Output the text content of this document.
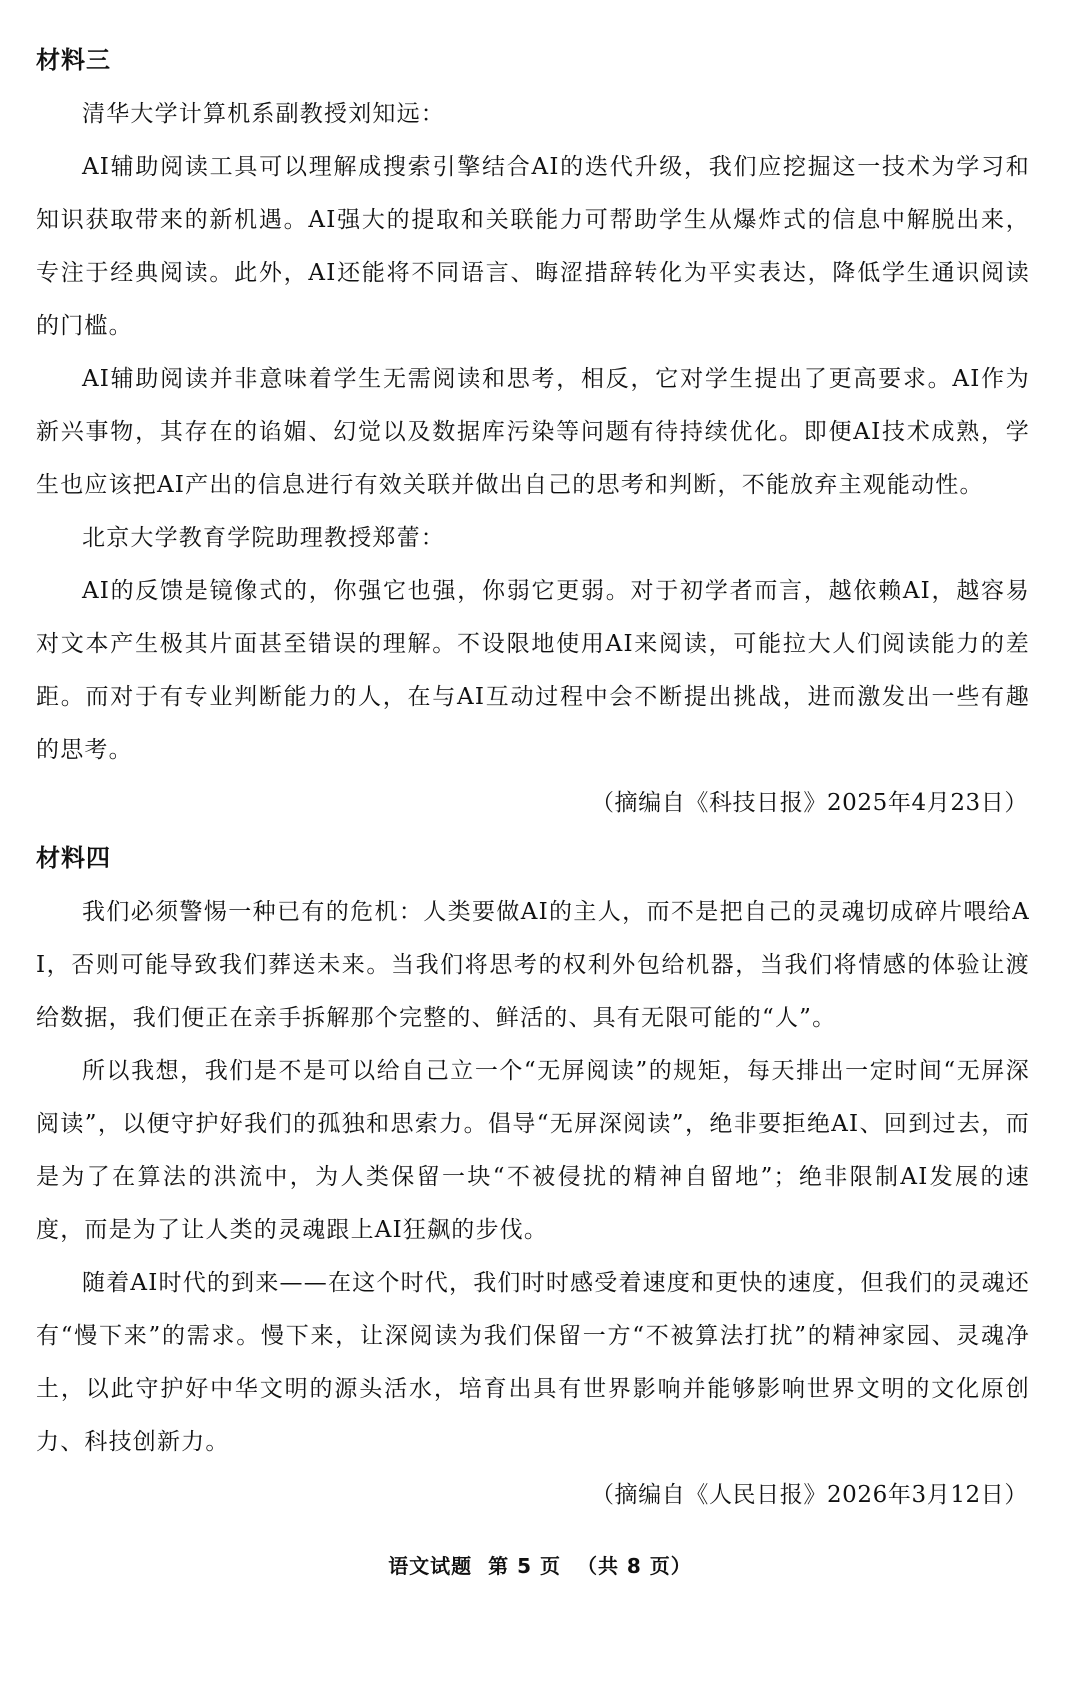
材料三

清华大学计算机系副教授刘知远：

AI辅助阅读工具可以理解成搜索引擎结合AI的迭代升级，我们应挖掘这一技术为学习和知识获取带来的新机遇。AI强大的提取和关联能力可帮助学生从爆炸式的信息中解脱出来，专注于经典阅读。此外，AI还能将不同语言、晦涩措辞转化为平实表达，降低学生通识阅读的门槛。

AI辅助阅读并非意味着学生无需阅读和思考，相反，它对学生提出了更高要求。AI作为新兴事物，其存在的谄媚、幻觉以及数据库污染等问题有待持续优化。即便AI技术成熟，学生也应该把AI产出的信息进行有效关联并做出自己的思考和判断，不能放弃主观能动性。

北京大学教育学院助理教授郑蕾：

AI的反馈是镜像式的，你强它也强，你弱它更弱。对于初学者而言，越依赖AI，越容易对文本产生极其片面甚至错误的理解。不设限地使用AI来阅读，可能拉大人们阅读能力的差距。而对于有专业判断能力的人，在与AI互动过程中会不断提出挑战，进而激发出一些有趣的思考。

（摘编自《科技日报》2025年4月23日）

材料四

我们必须警惕一种已有的危机：人类要做AI的主人，而不是把自己的灵魂切成碎片喂给AI，否则可能导致我们葬送未来。当我们将思考的权利外包给机器，当我们将情感的体验让渡给数据，我们便正在亲手拆解那个完整的、鲜活的、具有无限可能的“人”。

所以我想，我们是不是可以给自己立一个“无屏阅读”的规矩，每天排出一定时间“无屏深阅读”，以便守护好我们的孤独和思索力。倡导“无屏深阅读”，绝非要拒绝AI、回到过去，而是为了在算法的洪流中，为人类保留一块“不被侵扰的精神自留地”；绝非限制AI发展的速度，而是为了让人类的灵魂跟上AI狂飙的步伐。

随着AI时代的到来——在这个时代，我们时时感受着速度和更快的速度，但我们的灵魂还有“慢下来”的需求。慢下来，让深阅读为我们保留一方“不被算法打扰”的精神家园、灵魂净土，以此守护好中华文明的源头活水，培育出具有世界影响并能够影响世界文明的文化原创力、科技创新力。

（摘编自《人民日报》2026年3月12日）

语文试题 第 5 页 （共 8 页）
